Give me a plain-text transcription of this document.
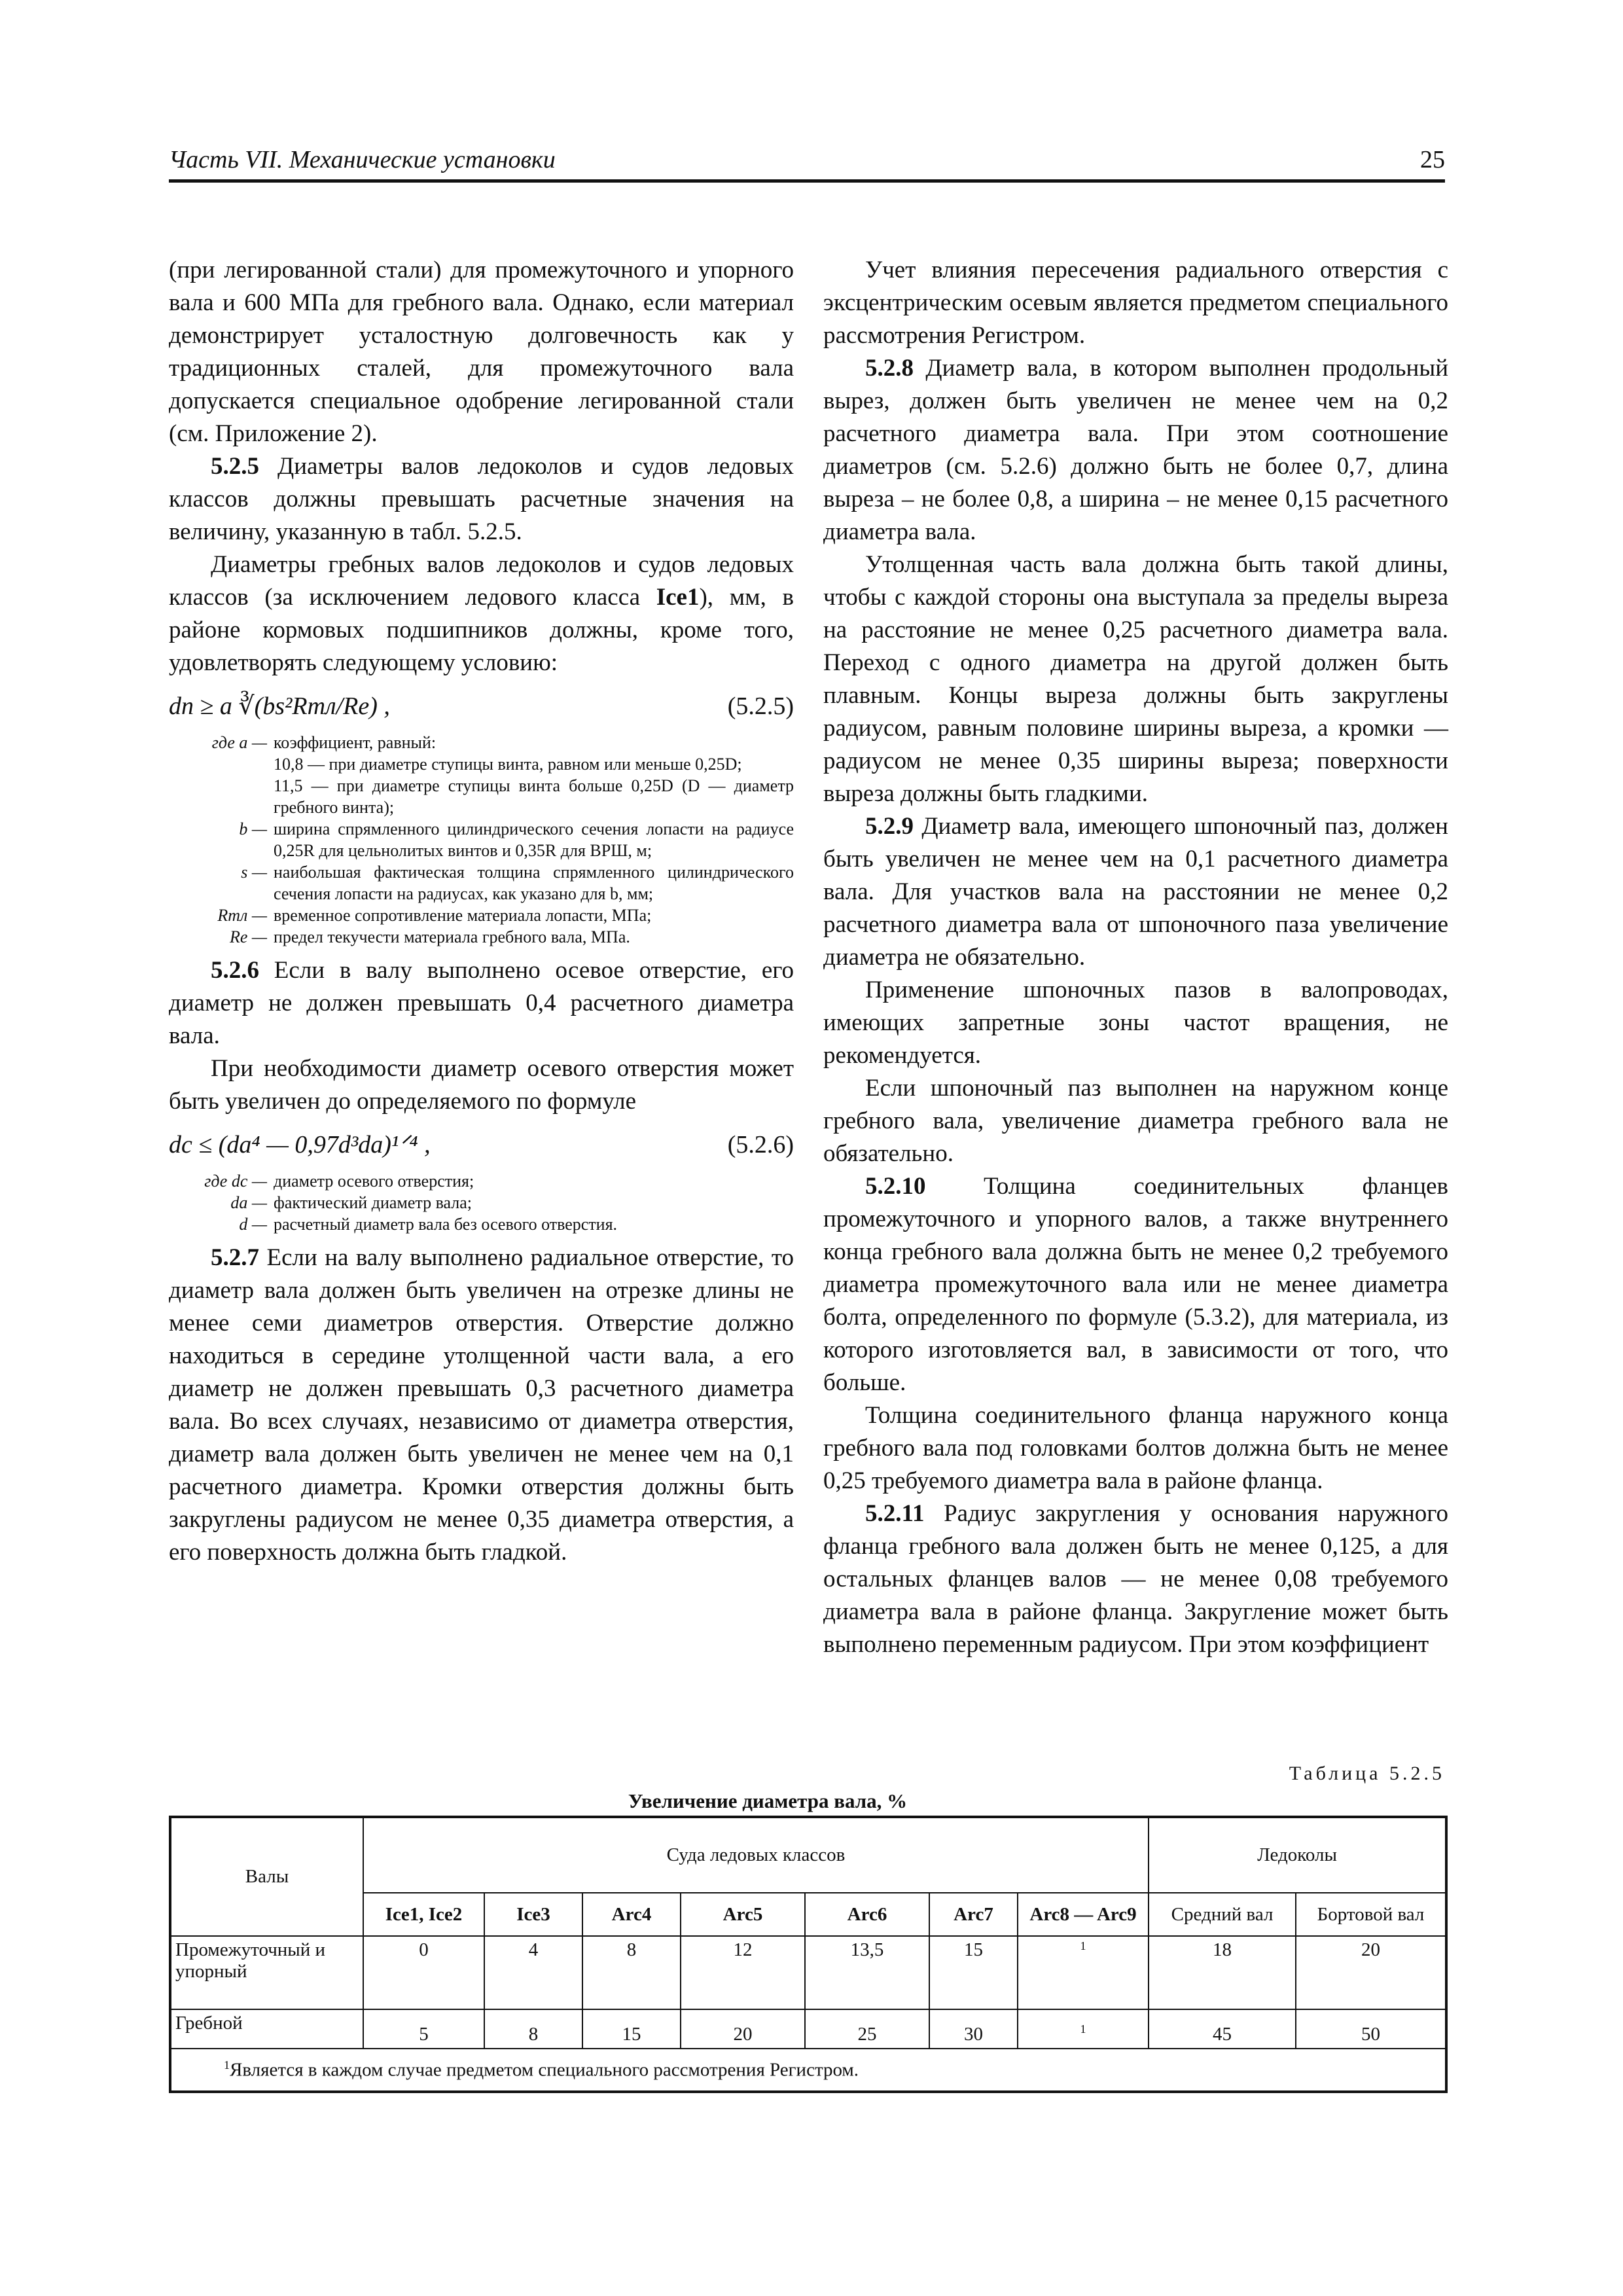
Часть VII. Механические установки	25

(при легированной стали) для промежуточного и упорного вала и 600 МПа для гребного вала. Однако, если материал демонстрирует усталостную долговечность как у традиционных сталей, для промежуточного вала допускается специальное одобрение легированной стали (см. Приложение 2).

5.2.5 Диаметры валов ледоколов и судов ледовых классов должны превышать расчетные значения на величину, указанную в табл. 5.2.5.

Диаметры гребных валов ледоколов и судов ледовых классов (за исключением ледового класса Ice1), мм, в районе кормовых подшипников должны, кроме того, удовлетворять следующему условию:

dп ≥ a ∛(bs²Rmл/Re) ,	(5.2.5)
где a — коэффициент, равный:
10,8 — при диаметре ступицы винта, равном или меньше 0,25D;
11,5 — при диаметре ступицы винта больше 0,25D (D — диаметр гребного винта);
b — ширина спрямленного цилиндрического сечения лопасти на радиусе 0,25R для цельнолитых винтов и 0,35R для ВРШ, м;
s — наибольшая фактическая толщина спрямленного цилиндрического сечения лопасти на радиусах, как указано для b, мм;
Rmл — временное сопротивление материала лопасти, МПа;
Re — предел текучести материала гребного вала, МПа.

5.2.6 Если в валу выполнено осевое отверстие, его диаметр не должен превышать 0,4 расчетного диаметра вала.

При необходимости диаметр осевого отверстия может быть увеличен до определяемого по формуле

dc ≤ (da⁴ — 0,97d³da)¹ᐟ⁴ ,	(5.2.6)
где dc — диаметр осевого отверстия;
da — фактический диаметр вала;
d — расчетный диаметр вала без осевого отверстия.

5.2.7 Если на валу выполнено радиальное отверстие, то диаметр вала должен быть увеличен на отрезке длины не менее семи диаметров отверстия. Отверстие должно находиться в середине утолщенной части вала, а его диаметр не должен превышать 0,3 расчетного диаметра вала. Во всех случаях, независимо от диаметра отверстия, диаметр вала должен быть увеличен не менее чем на 0,1 расчетного диаметра. Кромки отверстия должны быть закруглены радиусом не менее 0,35 диаметра отверстия, а его поверхность должна быть гладкой.

Учет влияния пересечения радиального отверстия с эксцентрическим осевым является предметом специального рассмотрения Регистром.

5.2.8 Диаметр вала, в котором выполнен продольный вырез, должен быть увеличен не менее чем на 0,2 расчетного диаметра вала. При этом соотношение диаметров (см. 5.2.6) должно быть не более 0,7, длина выреза – не более 0,8, а ширина – не менее 0,15 расчетного диаметра вала.

Утолщенная часть вала должна быть такой длины, чтобы с каждой стороны она выступала за пределы выреза на расстояние не менее 0,25 расчетного диаметра вала. Переход с одного диаметра на другой должен быть плавным. Концы выреза должны быть закруглены радиусом, равным половине ширины выреза, а кромки — радиусом не менее 0,35 ширины выреза; поверхности выреза должны быть гладкими.

5.2.9 Диаметр вала, имеющего шпоночный паз, должен быть увеличен не менее чем на 0,1 расчетного диаметра вала. Для участков вала на расстоянии не менее 0,2 расчетного диаметра вала от шпоночного паза увеличение диаметра не обязательно.

Применение шпоночных пазов в валопроводах, имеющих запретные зоны частот вращения, не рекомендуется.

Если шпоночный паз выполнен на наружном конце гребного вала, увеличение диаметра гребного вала не обязательно.

5.2.10 Толщина соединительных фланцев промежуточного и упорного валов, а также внутреннего конца гребного вала должна быть не менее 0,2 требуемого диаметра промежуточного вала или не менее диаметра болта, определенного по формуле (5.3.2), для материала, из которого изготовляется вал, в зависимости от того, что больше.

Толщина соединительного фланца наружного конца гребного вала под головками болтов должна быть не менее 0,25 требуемого диаметра вала в районе фланца.

5.2.11 Радиус закругления у основания наружного фланца гребного вала должен быть не менее 0,125, а для остальных фланцев валов — не менее 0,08 требуемого диаметра вала в районе фланца. Закругление может быть выполнено переменным радиусом. При этом коэффициент

Таблица 5.2.5
Увеличение диаметра вала, %
Валы	Суда ледовых классов							Ледоколы	
	Ice1, Ice2	Ice3	Arc4	Arc5	Arc6	Arc7	Arc8 — Arc9	Средний вал	Бортовой вал
Промежуточный и упорный	0	4	8	12	13,5	15	$^1$	18	20
Гребной	5	8	15	20	25	30	$^1$	45	50
$^1$Является в каждом случае предметом специального рассмотрения Регистром.									
